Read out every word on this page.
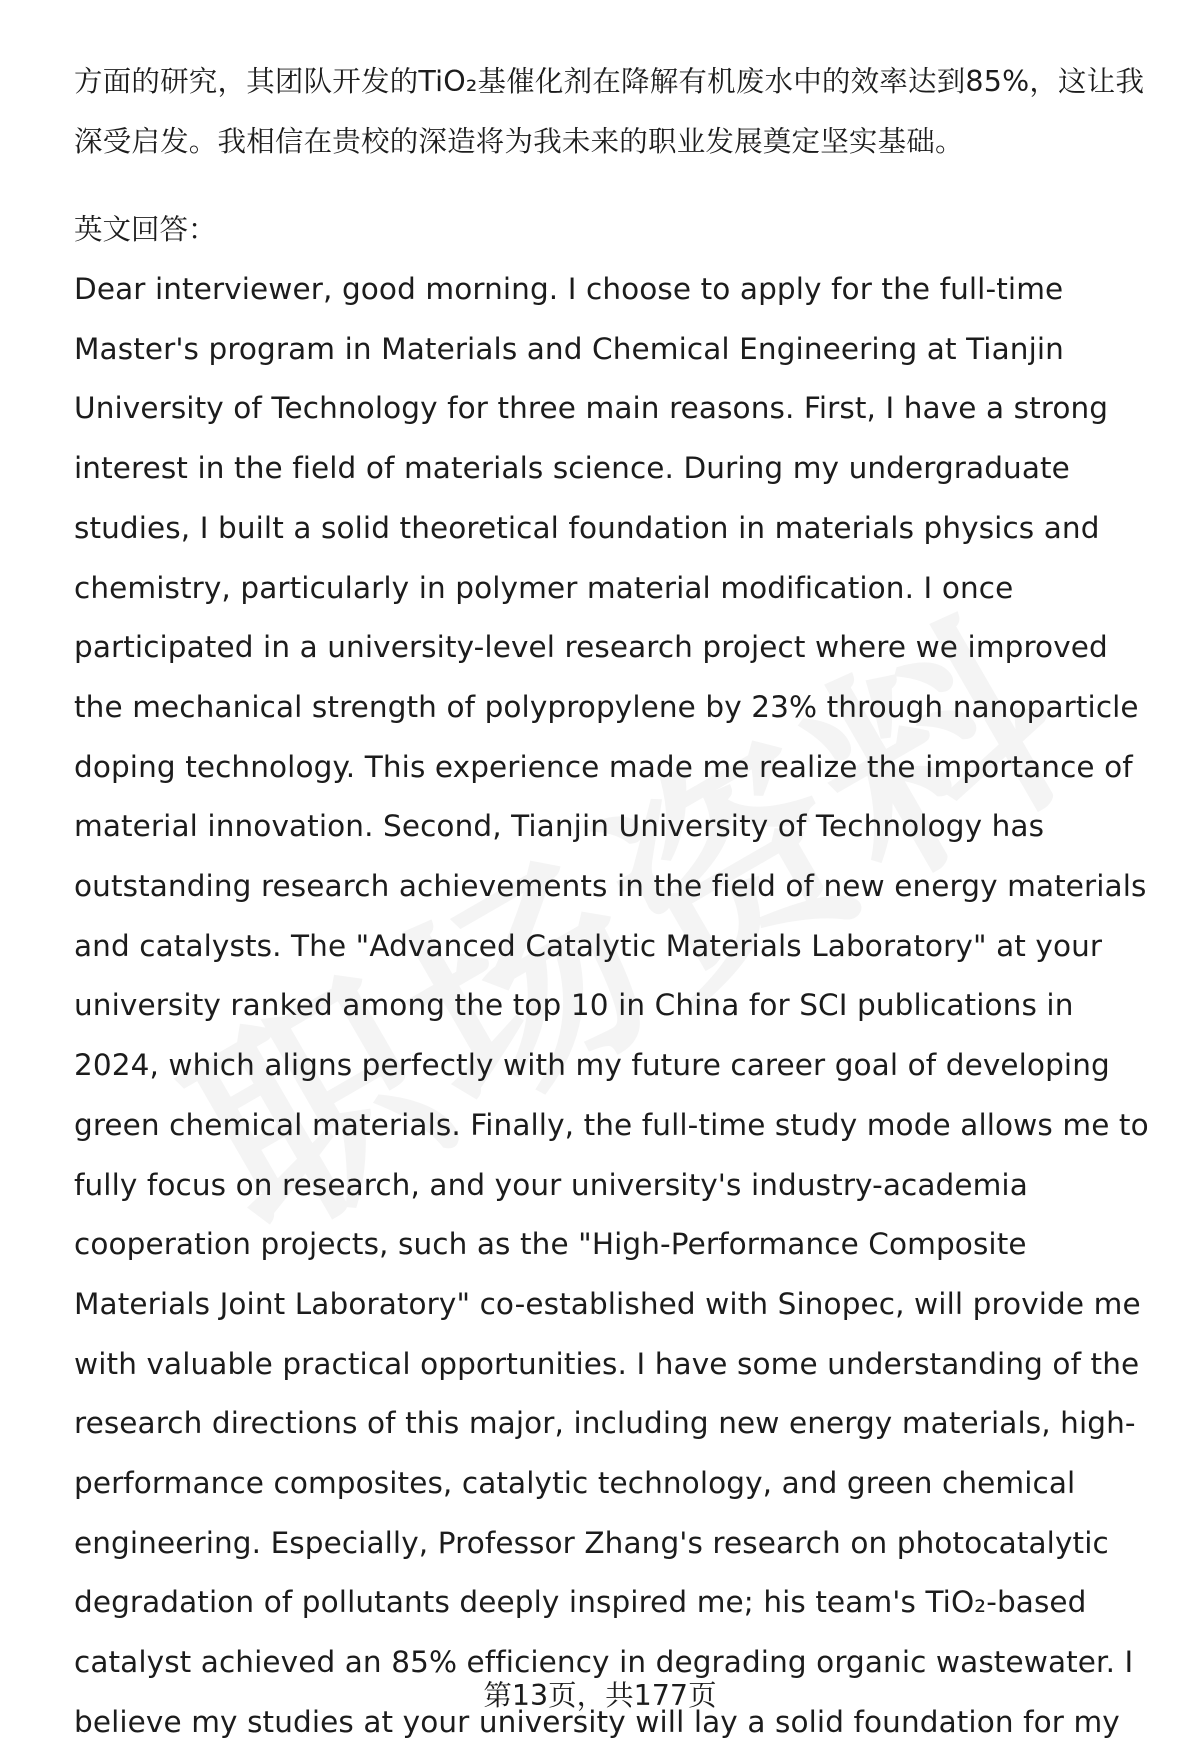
方面的研究，其团队开发的TiO₂基催化剂在降解有机废水中的效率达到85%，这让我深受启发。我相信在贵校的深造将为我未来的职业发展奠定坚实基础。

英文回答：

Dear interviewer, good morning. I choose to apply for the full-time Master's program in Materials and Chemical Engineering at Tianjin University of Technology for three main reasons. First, I have a strong interest in the field of materials science. During my undergraduate studies, I built a solid theoretical foundation in materials physics and chemistry, particularly in polymer material modification. I once participated in a university-level research project where we improved the mechanical strength of polypropylene by 23% through nanoparticle doping technology. This experience made me realize the importance of material innovation. Second, Tianjin University of Technology has outstanding research achievements in the field of new energy materials and catalysts. The "Advanced Catalytic Materials Laboratory" at your university ranked among the top 10 in China for SCI publications in 2024, which aligns perfectly with my future career goal of developing green chemical materials. Finally, the full-time study mode allows me to fully focus on research, and your university's industry-academia cooperation projects, such as the "High-Performance Composite Materials Joint Laboratory" co-established with Sinopec, will provide me with valuable practical opportunities. I have some understanding of the research directions of this major, including new energy materials, high-performance composites, catalytic technology, and green chemical engineering. Especially, Professor Zhang's research on photocatalytic degradation of pollutants deeply inspired me; his team's TiO₂-based catalyst achieved an 85% efficiency in degrading organic wastewater. I believe my studies at your university will lay a solid foundation for my

第13页，共177页
